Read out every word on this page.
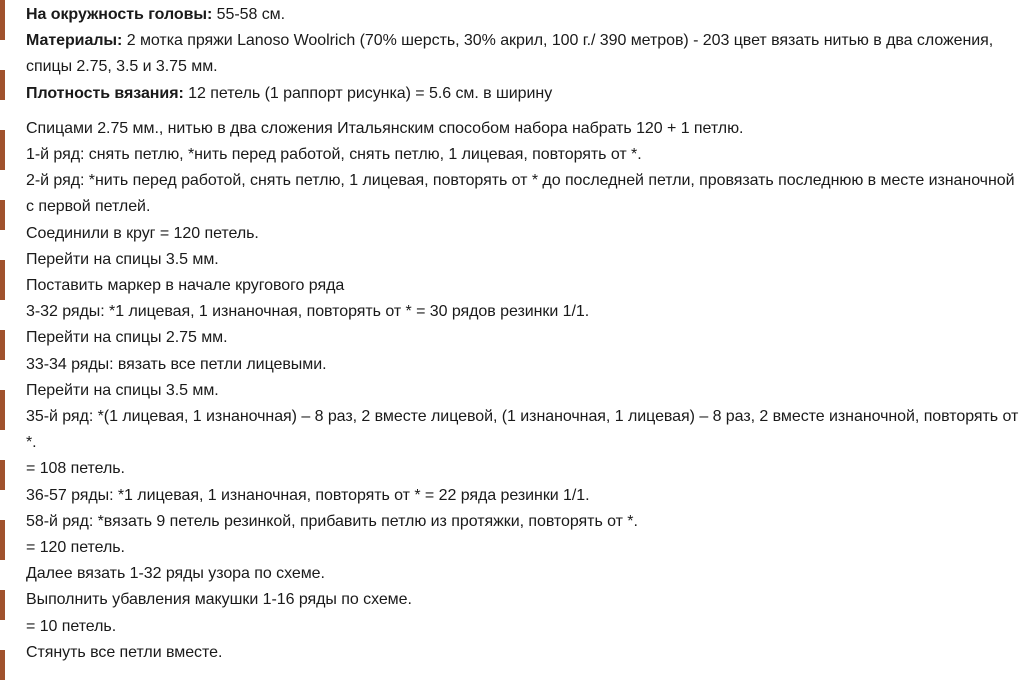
На окружность головы: 55-58 см.
Материалы: 2 мотка пряжи Lanoso Woolrich (70% шерсть, 30% акрил, 100 г./ 390 метров) - 203 цвет вязать нитью в два сложения, спицы 2.75, 3.5 и 3.75 мм.
Плотность вязания: 12 петель (1 раппорт рисунка) = 5.6 см. в ширину
Спицами 2.75 мм., нитью в два сложения Итальянским способом набора набрать 120 + 1 петлю.
1-й ряд: снять петлю, *нить перед работой, снять петлю, 1 лицевая, повторять от *.
2-й ряд: *нить перед работой, снять петлю, 1 лицевая, повторять от * до последней петли, провязать последнюю в месте изнаночной с первой петлей.
Соединили в круг = 120 петель.
Перейти на спицы 3.5 мм.
Поставить маркер в начале кругового ряда
3-32 ряды: *1 лицевая, 1 изнаночная, повторять от * = 30 рядов резинки 1/1.
Перейти на спицы 2.75 мм.
33-34 ряды: вязать все петли лицевыми.
Перейти на спицы 3.5 мм.
35-й ряд: *(1 лицевая, 1 изнаночная) – 8 раз, 2 вместе лицевой, (1 изнаночная, 1 лицевая) – 8 раз, 2 вместе изнаночной, повторять от *.
= 108 петель.
36-57 ряды: *1 лицевая, 1 изнаночная, повторять от * = 22 ряда резинки 1/1.
58-й ряд: *вязать 9 петель резинкой, прибавить петлю из протяжки, повторять от *.
= 120 петель.
Далее вязать 1-32 ряды узора по схеме.
Выполнить убавления макушки 1-16 ряды по схеме.
= 10 петель.
Стянуть все петли вместе.
